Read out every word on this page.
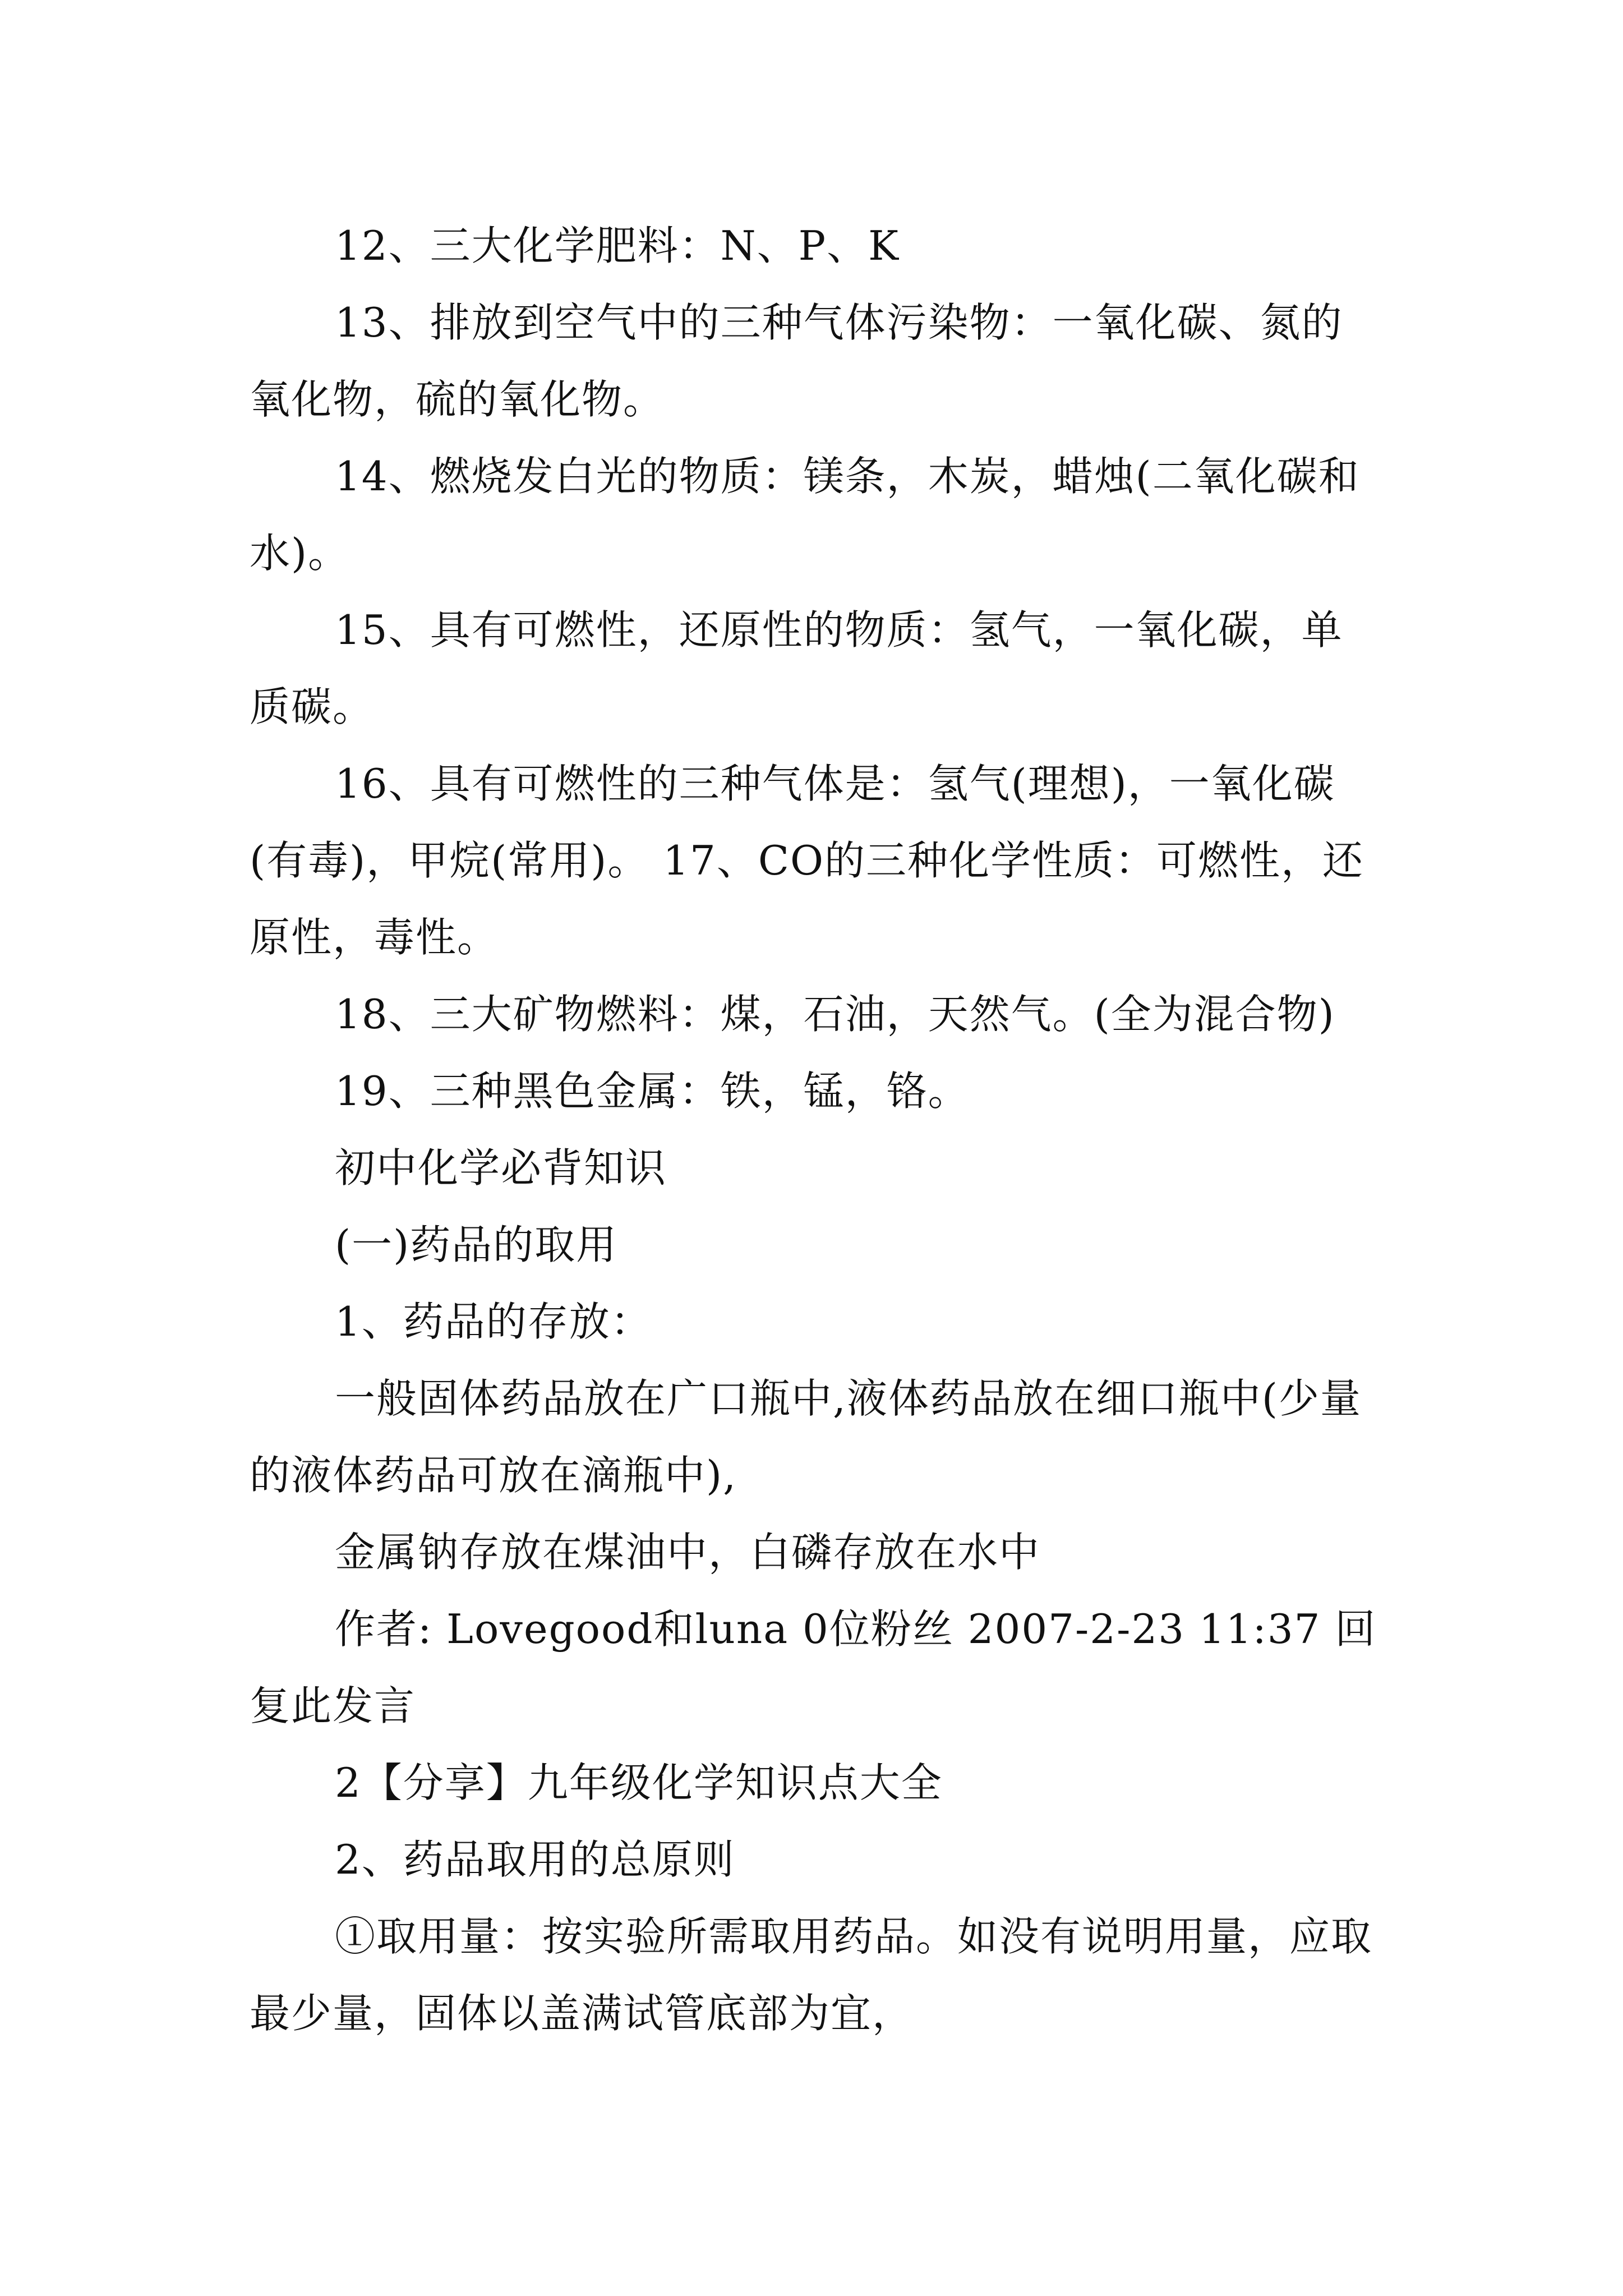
12、三大化学肥料：N、P、K

13、排放到空气中的三种气体污染物：一氧化碳、氮的氧化物，硫的氧化物。

14、燃烧发白光的物质：镁条，木炭，蜡烛(二氧化碳和水)。

15、具有可燃性，还原性的物质：氢气，一氧化碳，单质碳。

16、具有可燃性的三种气体是：氢气(理想)，一氧化碳(有毒)，甲烷(常用)。 17、CO的三种化学性质：可燃性，还原性，毒性。

18、三大矿物燃料：煤，石油，天然气。(全为混合物)

19、三种黑色金属：铁，锰，铬。

初中化学必背知识

(一)药品的取用

1、药品的存放：

一般固体药品放在广口瓶中,液体药品放在细口瓶中(少量的液体药品可放在滴瓶中),

金属钠存放在煤油中，白磷存放在水中

作者: Lovegood和luna 0位粉丝 2007-2-23 11:37 回复此发言

2【分享】九年级化学知识点大全

2、药品取用的总原则

①取用量：按实验所需取用药品。如没有说明用量，应取最少量，固体以盖满试管底部为宜，
